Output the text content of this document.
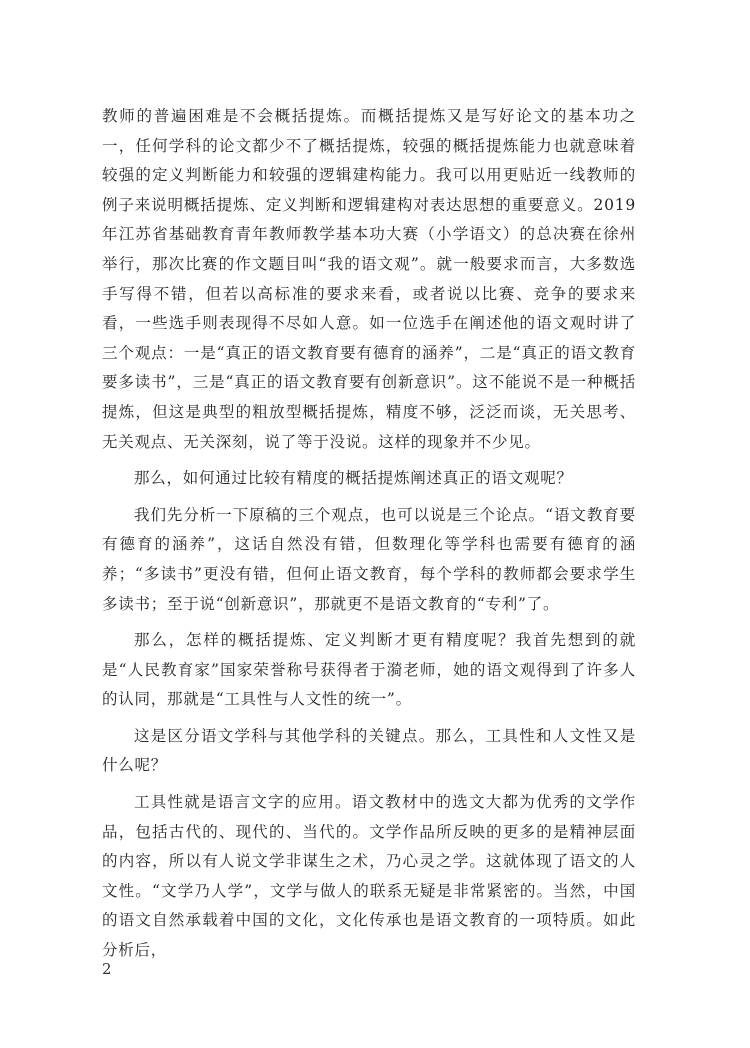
教师的普遍困难是不会概括提炼。而概括提炼又是写好论文的基本功之一，任何学科的论文都少不了概括提炼，较强的概括提炼能力也就意味着较强的定义判断能力和较强的逻辑建构能力。我可以用更贴近一线教师的例子来说明概括提炼、定义判断和逻辑建构对表达思想的重要意义。2019年江苏省基础教育青年教师教学基本功大赛（小学语文）的总决赛在徐州举行，那次比赛的作文题目叫“我的语文观”。就一般要求而言，大多数选手写得不错，但若以高标准的要求来看，或者说以比赛、竞争的要求来看，一些选手则表现得不尽如人意。如一位选手在阐述他的语文观时讲了三个观点：一是“真正的语文教育要有德育的涵养”，二是“真正的语文教育要多读书”，三是“真正的语文教育要有创新意识”。这不能说不是一种概括提炼，但这是典型的粗放型概括提炼，精度不够，泛泛而谈，无关思考、无关观点、无关深刻，说了等于没说。这样的现象并不少见。

那么，如何通过比较有精度的概括提炼阐述真正的语文观呢？

我们先分析一下原稿的三个观点，也可以说是三个论点。“语文教育要有德育的涵养”，这话自然没有错，但数理化等学科也需要有德育的涵养；“多读书”更没有错，但何止语文教育，每个学科的教师都会要求学生多读书；至于说“创新意识”，那就更不是语文教育的“专利”了。

那么，怎样的概括提炼、定义判断才更有精度呢？我首先想到的就是“人民教育家”国家荣誉称号获得者于漪老师，她的语文观得到了许多人的认同，那就是“工具性与人文性的统一”。

这是区分语文学科与其他学科的关键点。那么，工具性和人文性又是什么呢？

工具性就是语言文字的应用。语文教材中的选文大都为优秀的文学作品，包括古代的、现代的、当代的。文学作品所反映的更多的是精神层面的内容，所以有人说文学非谋生之术，乃心灵之学。这就体现了语文的人文性。“文学乃人学”，文学与做人的联系无疑是非常紧密的。当然，中国的语文自然承载着中国的文化，文化传承也是语文教育的一项特质。如此分析后，

2
